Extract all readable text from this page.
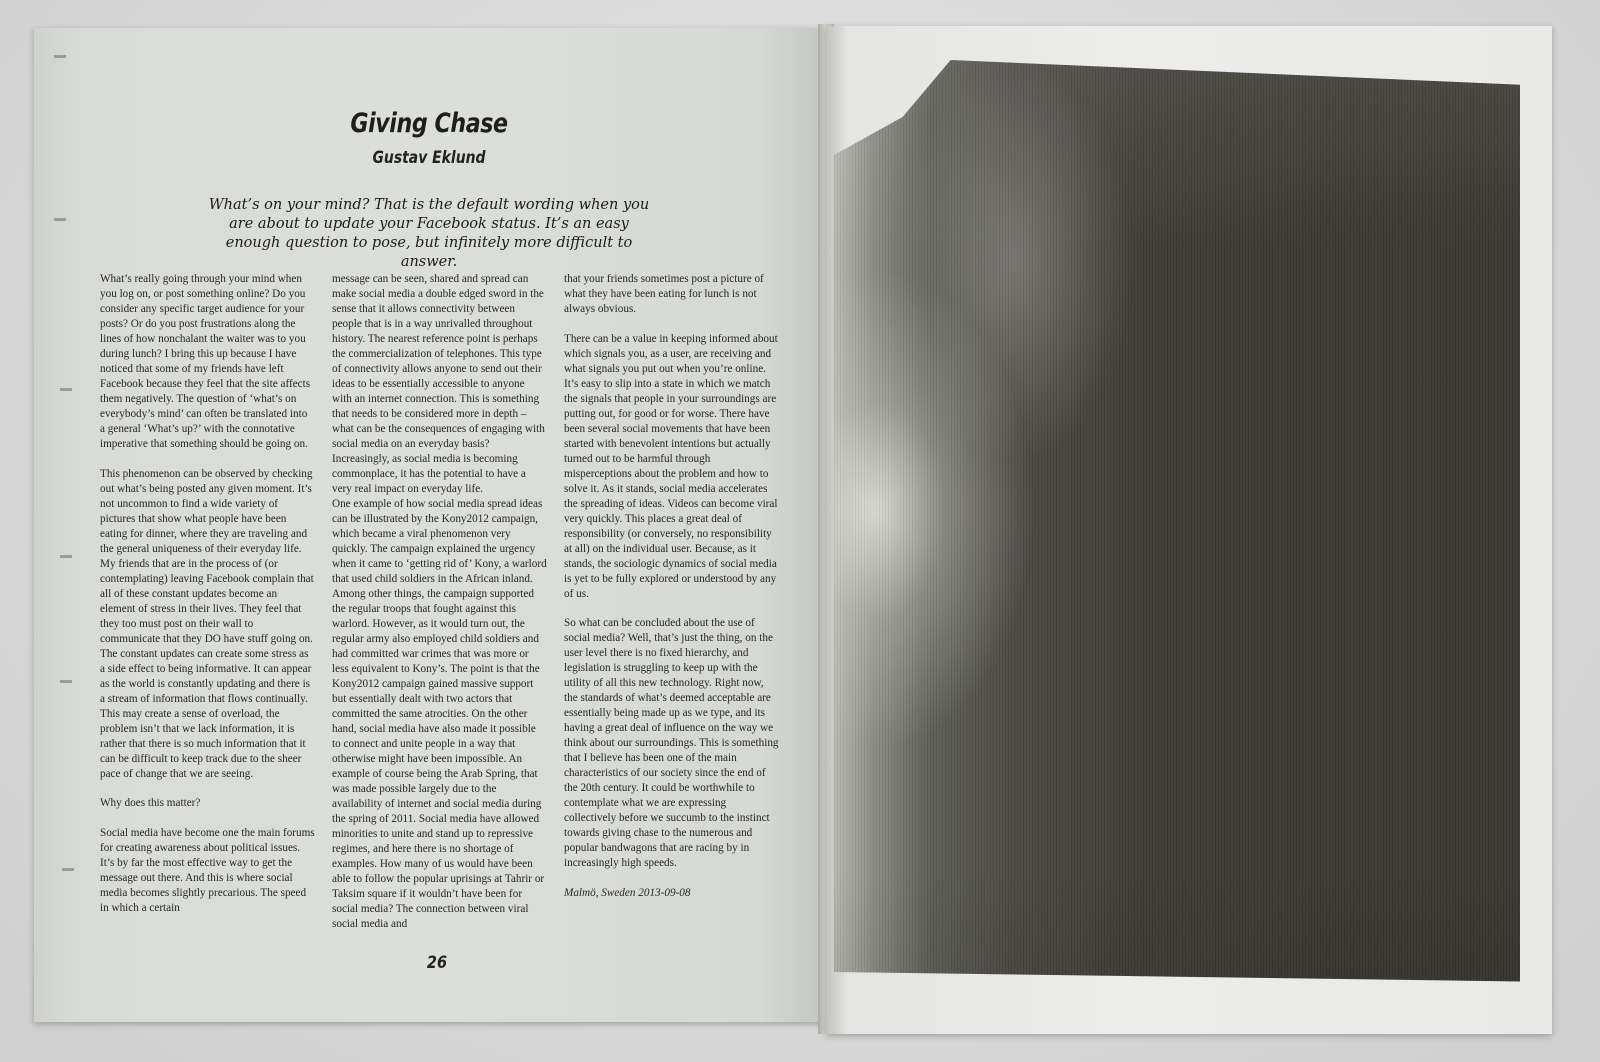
Giving Chase
Gustav Eklund
What’s on your mind? That is the default wording when you are about to update your Facebook status. It’s an easy enough question to pose, but infinitely more difficult to answer.

What’s really going through your mind when you log on, or post something online? Do you consider any specific target audience for your posts? Or do you post frustrations along the lines of how nonchalant the waiter was to you during lunch? I bring this up because I have noticed that some of my friends have left Facebook because they feel that the site affects them negatively. The question of ‘what’s on everybody’s mind’ can often be translated into a general ‘What’s up?’ with the connotative imperative that something should be going on.

This phenomenon can be observed by checking out what’s being posted any given moment. It’s not uncommon to find a wide variety of pictures that show what people have been eating for dinner, where they are traveling and the general uniqueness of their everyday life. My friends that are in the process of (or contemplating) leaving Facebook complain that all of these constant updates become an element of stress in their lives. They feel that they too must post on their wall to communicate that they DO have stuff going on. The constant updates can create some stress as a side effect to being informative. It can appear as the world is constantly updating and there is a stream of information that flows continually. This may create a sense of overload, the problem isn’t that we lack information, it is rather that there is so much information that it can be difficult to keep track due to the sheer pace of change that we are seeing.

Why does this matter?

Social media have become one the main forums for creating awareness about political issues. It’s by far the most effective way to get the message out there. And this is where social media becomes slightly precarious. The speed in which a certain

message can be seen, shared and spread can make social media a double edged sword in the sense that it allows connectivity between people that is in a way unrivalled throughout history. The nearest reference point is perhaps the commercialization of telephones. This type of connectivity allows anyone to send out their ideas to be essentially accessible to anyone with an internet connection. This is something that needs to be considered more in depth – what can be the consequences of engaging with social media on an everyday basis? Increasingly, as social media is becoming commonplace, it has the potential to have a very real impact on everyday life.

One example of how social media spread ideas can be illustrated by the Kony2012 campaign, which became a viral phenomenon very quickly. The campaign explained the urgency when it came to ‘getting rid of’ Kony, a warlord that used child soldiers in the African inland. Among other things, the campaign supported the regular troops that fought against this warlord. However, as it would turn out, the regular army also employed child soldiers and had committed war crimes that was more or less equivalent to Kony’s. The point is that the Kony2012 campaign gained massive support but essentially dealt with two actors that committed the same atrocities. On the other hand, social media have also made it possible to connect and unite people in a way that otherwise might have been impossible. An example of course being the Arab Spring, that was made possible largely due to the availability of internet and social media during the spring of 2011. Social media have allowed minorities to unite and stand up to repressive regimes, and here there is no shortage of examples. How many of us would have been able to follow the popular uprisings at Tahrir or Taksim square if it wouldn’t have been for social media? The connection between viral social media and

that your friends sometimes post a picture of what they have been eating for lunch is not always obvious.

There can be a value in keeping informed about which signals you, as a user, are receiving and what signals you put out when you’re online. It’s easy to slip into a state in which we match the signals that people in your surroundings are putting out, for good or for worse. There have been several social movements that have been started with benevolent intentions but actually turned out to be harmful through misperceptions about the problem and how to solve it. As it stands, social media accelerates the spreading of ideas. Videos can become viral very quickly. This places a great deal of responsibility (or conversely, no responsibility at all) on the individual user. Because, as it stands, the sociologic dynamics of social media is yet to be fully explored or understood by any of us.

So what can be concluded about the use of social media? Well, that’s just the thing, on the user level there is no fixed hierarchy, and legislation is struggling to keep up with the utility of all this new technology. Right now, the standards of what’s deemed acceptable are essentially being made up as we type, and its having a great deal of influence on the way we think about our surroundings. This is something that I believe has been one of the main characteristics of our society since the end of the 20th century. It could be worthwhile to contemplate what we are expressing collectively before we succumb to the instinct towards giving chase to the numerous and popular bandwagons that are racing by in increasingly high speeds.

Malmö, Sweden 2013-09-08

26
